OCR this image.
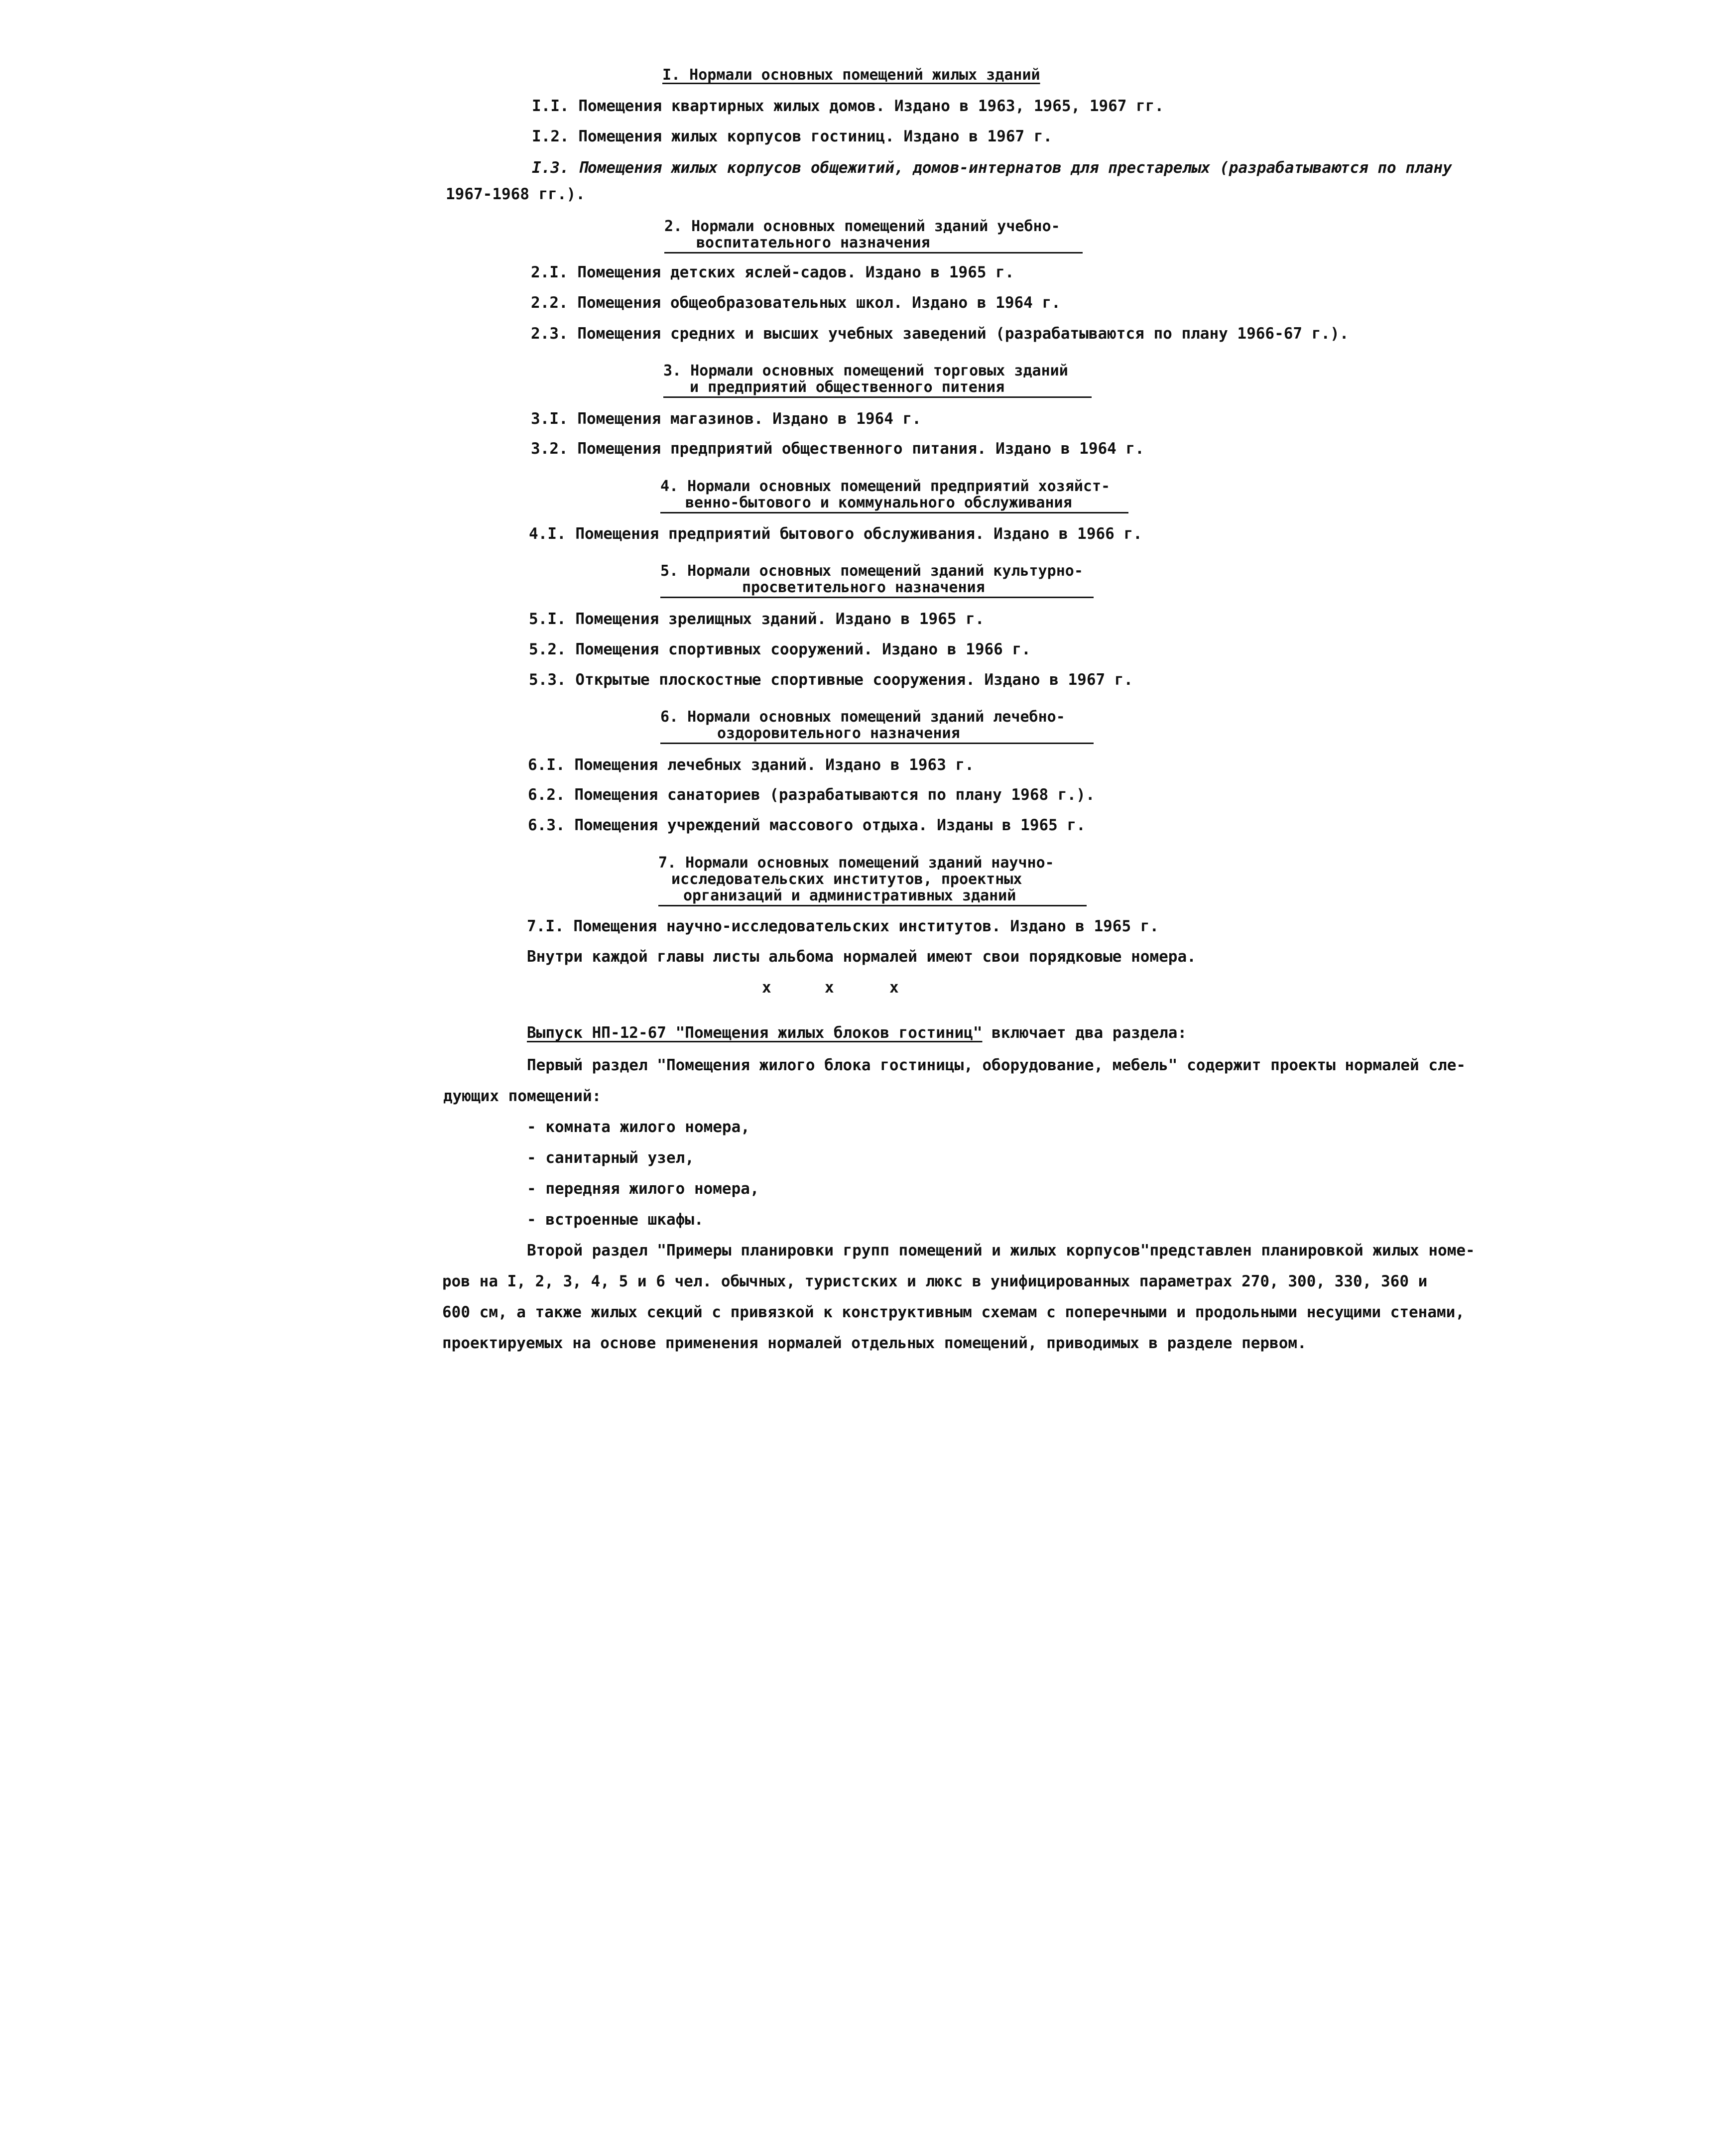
I. Нормали основных помещений жилых зданий
I.I. Помещения квартирных жилых домов. Издано в 1963, 1965, 1967 гг.
I.2. Помещения жилых корпусов гостиниц. Издано в 1967 г.
I.3. Помещения жилых корпусов общежитий, домов-интернатов для престарелых (разрабатываются по плану
1967-1968 гг.).
2. Нормали основных помещений зданий учебно-
воспитательного назначения
2.I. Помещения детских яслей-садов. Издано в 1965 г.
2.2. Помещения общеобразовательных школ. Издано в 1964 г.
2.3. Помещения средних и высших учебных заведений (разрабатываются по плану 1966-67 г.).
3. Нормали основных помещений торговых зданий
и предприятий общественного питения
3.I. Помещения магазинов. Издано в 1964 г.
3.2. Помещения предприятий общественного питания. Издано в 1964 г.
4. Нормали основных помещений предприятий хозяйст-
венно-бытового и коммунального обслуживания
4.I. Помещения предприятий бытового обслуживания. Издано в 1966 г.
5. Нормали основных помещений зданий культурно-
просветительного назначения
5.I. Помещения зрелищных зданий. Издано в 1965 г.
5.2. Помещения спортивных сооружений. Издано в 1966 г.
5.3. Открытые плоскостные спортивные сооружения. Издано в 1967 г.
6. Нормали основных помещений зданий лечебно-
оздоровительного назначения
6.I. Помещения лечебных зданий. Издано в 1963 г.
6.2. Помещения санаториев (разрабатываются по плану 1968 г.).
6.3. Помещения учреждений массового отдыха. Изданы в 1965 г.
7. Нормали основных помещений зданий научно-
исследовательских институтов, проектных
организаций и административных зданий
7.I. Помещения научно-исследовательских институтов. Издано в 1965 г.
Внутри каждой главы листы альбома нормалей имеют свои порядковые номера.
x	x	x
Выпуск НП-12-67 "Помещения жилых блоков гостиниц" включает два раздела:
Первый раздел "Помещения жилого блока гостиницы, оборудование, мебель" содержит проекты нормалей сле-
дующих помещений:
- комната жилого номера,
- санитарный узел,
- передняя жилого номера,
- встроенные шкафы.
Второй раздел "Примеры планировки групп помещений и жилых корпусов"представлен планировкой жилых номе-
ров на I, 2, 3, 4, 5 и 6 чел. обычных, туристских и люкс в унифицированных параметрах 270, 300, 330, 360 и
600 см, а также жилых секций с привязкой к конструктивным схемам с поперечными и продольными несущими стенами,
проектируемых на основе применения нормалей отдельных помещений, приводимых в разделе первом.
